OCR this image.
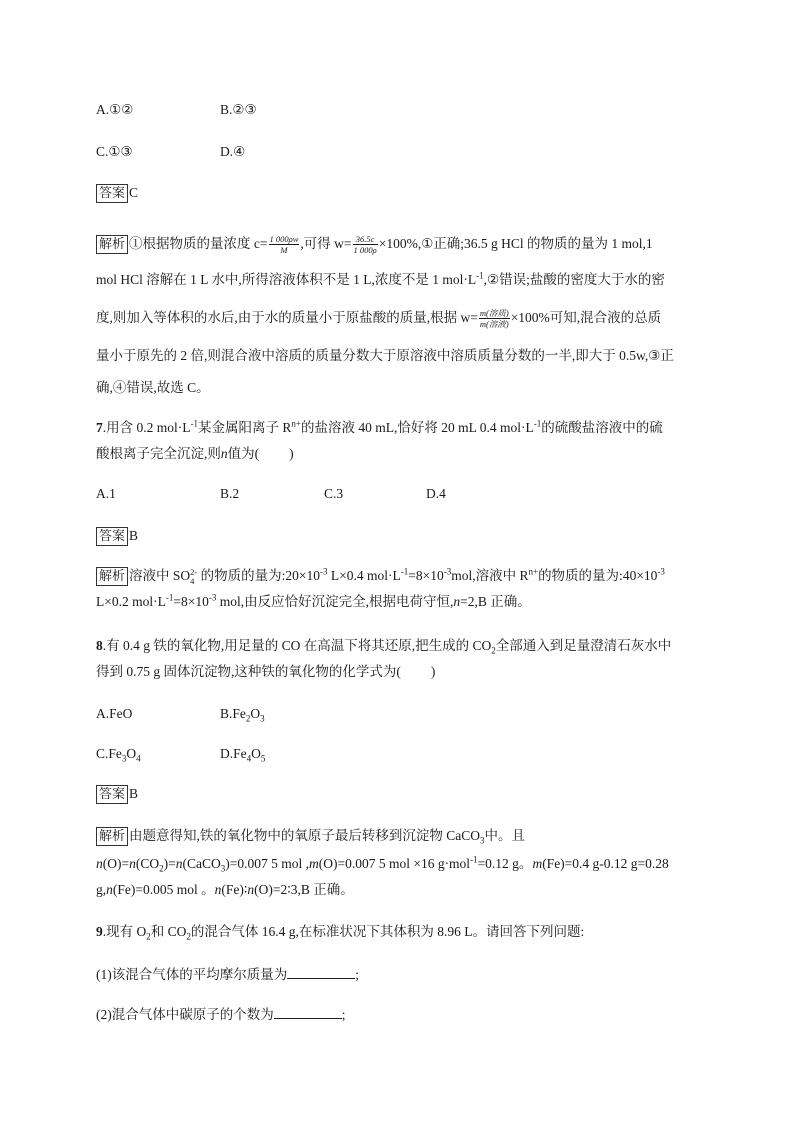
A.①②	B.②③
C.①③	D.④
答案 C
解析 ①根据物质的量浓度 $c= \frac{1 000\rho w}{M}$ ,可得 $w= \frac{36.5c}{1 000\rho}$ ×100%,①正确;36.5 g HCl 的物质的量为 1 mol,1
mol HCl 溶解在 1 L 水中,所得溶液体积不是 1 L,浓度不是 1 $mol\cdot L^{-1},②$错误;盐酸的密度大于水的密
度,则加入等体积的水后,由于水的质量小于原盐酸的质量,根据 $w= \frac{\text{m(溶质)}}{\text{m(溶液)}} \times 100\%$可知,混合液的总质
量小于原先的 2 倍,则混合液中溶质的质量分数大于原溶液中溶质质量分数的一半,即大于 0.5w,③正
确,④错误,故选 C。
7.用含 0.2 $mol\cdot L^{-1}$某金属阳离子 $R^{n+}$的盐溶液 40 mL,恰好将 20 mL 0.4 $mol\cdot L^{-1}$的硫酸盐溶液中的硫
酸根离子完全沉淀,则n值为( )
A.1	B.2	C.3	D.4
答案 B
解析 溶液中 SO 2-
4 的物质的量为$:20\times 10^{-3}$ L×0.4 $mol\cdot L^{-1}=8\times 10^{-3}mol$,溶液中 $R^{n+}$的物质的量为$:40\times 10^{-3}$
L×0.2 $mol\cdot L^{-1}=8\times 10^{-3}$ mol,由反应恰好沉淀完全,根据电荷守恒,n=2,B 正确。
8.有 0.4 g 铁的氧化物,用足量的 CO 在高温下将其还原,把生成的 $CO_2$全部通入到足量澄清石灰水中
得到 0.75 g 固体沉淀物,这种铁的氧化物的化学式为( )
A.FeO	$B.Fe_2O_3$
$C.Fe_3O_4$	$D.Fe_4O_5$
答案 B
解析 由题意得知,铁的氧化物中的氧原子最后转移到沉淀物 CaCO$_3$中。且
$n(O)=n(CO_2)=n(CaCO_3)=0.007$ 5 mol ,m(O)=0.007 5 mol ×16 g·mol$^{-1}$=0.12 g。m(Fe)=0.4 g-0.12 g=0.28
g,n(Fe)=0.005 mol 。n(Fe)∶n(O)=2∶3,B 正确。
9.现有 $O_2$和 $CO_2$的混合气体 16.4 g,在标准状况下其体积为 8.96 L。请回答下列问题:
(1)该混合气体的平均摩尔质量为	;
(2)混合气体中碳原子的个数为	;
